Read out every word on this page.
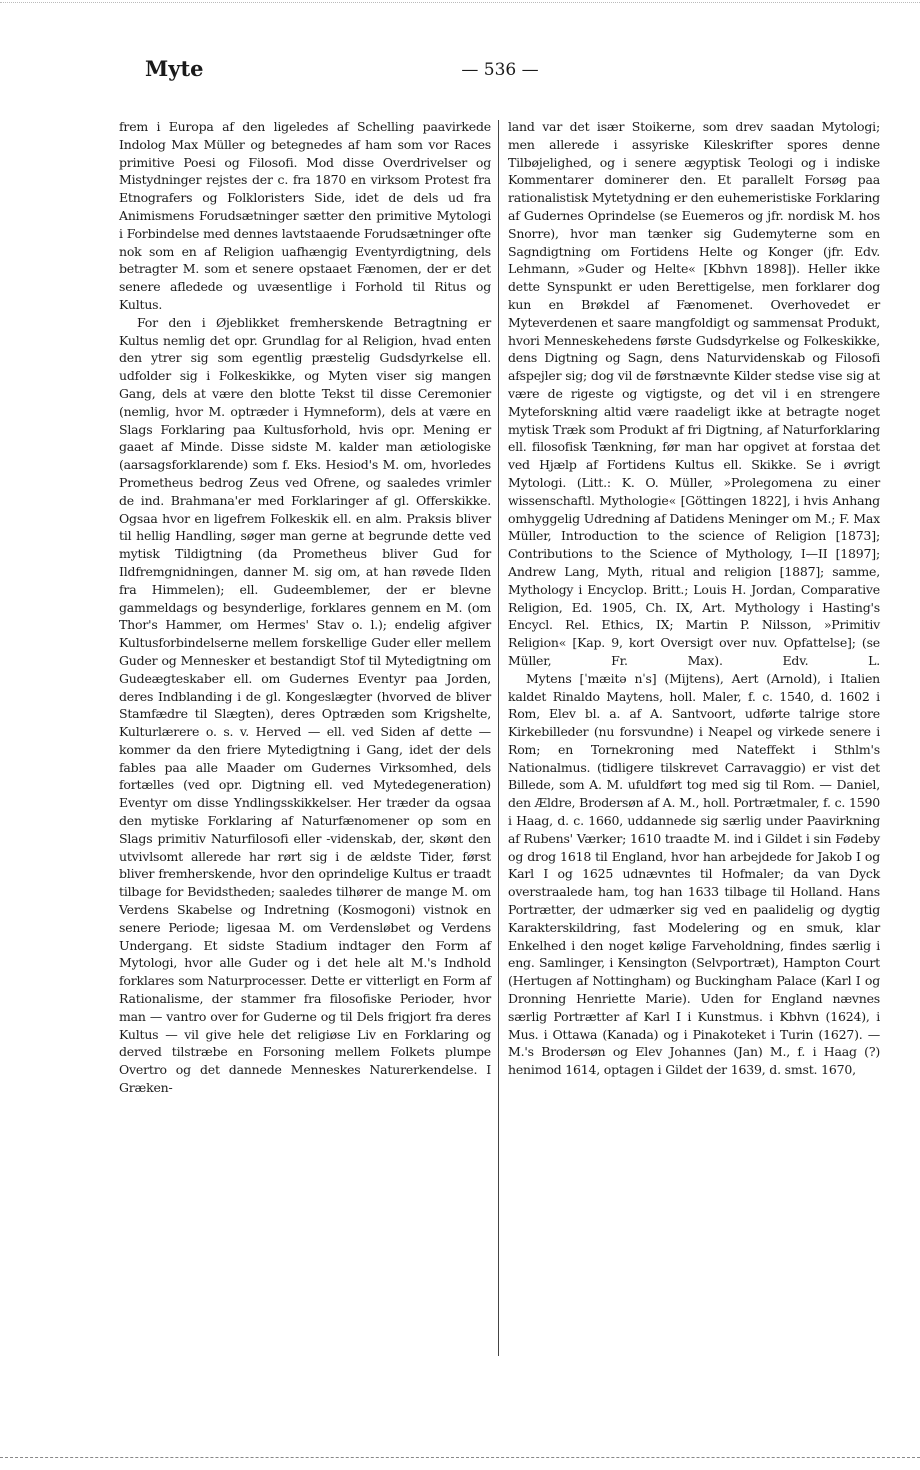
Myte	— 536 —

frem i Europa af den ligeledes af Schelling paavirkede Indolog Max Müller og betegnedes af ham som vor Races primitive Poesi og Filosofi. Mod disse Overdrivelser og Mistydninger rejstes der c. fra 1870 en virksom Protest fra Etnografers og Folkloristers Side, idet de dels ud fra Animismens Forudsætninger sætter den primitive Mytologi i Forbindelse med dennes lavtstaaende Forudsætninger ofte nok som en af Religion uafhængig Eventyrdigtning, dels betragter M. som et senere opstaaet Fænomen, der er det senere afledede og uvæsentlige i Forhold til Ritus og Kultus.

For den i Øjeblikket fremherskende Betragtning er Kultus nemlig det opr. Grundlag for al Religion, hvad enten den ytrer sig som egentlig præstelig Gudsdyrkelse ell. udfolder sig i Folkeskikke, og Myten viser sig mangen Gang, dels at være den blotte Tekst til disse Ceremonier (nemlig, hvor M. optræder i Hymneform), dels at være en Slags Forklaring paa Kultusforhold, hvis opr. Mening er gaaet af Minde. Disse sidste M. kalder man ætiologiske (aarsagsforklarende) som f. Eks. Hesiod's M. om, hvorledes Prometheus bedrog Zeus ved Ofrene, og saaledes vrimler de ind. Brahmana'er med Forklaringer af gl. Offerskikke. Ogsaa hvor en ligefrem Folkeskik ell. en alm. Praksis bliver til hellig Handling, søger man gerne at begrunde dette ved mytisk Tildigtning (da Prometheus bliver Gud for Ildfremgnidningen, danner M. sig om, at han røvede Ilden fra Himmelen); ell. Gudeemblemer, der er blevne gammeldags og besynderlige, forklares gennem en M. (om Thor's Hammer, om Hermes' Stav o. l.); endelig afgiver Kultusforbindelserne mellem forskellige Guder eller mellem Guder og Mennesker et bestandigt Stof til Mytedigtning om Gudeægteskaber ell. om Gudernes Eventyr paa Jorden, deres Indblanding i de gl. Kongeslægter (hvorved de bliver Stamfædre til Slægten), deres Optræden som Krigshelte, Kulturlærere o. s. v. Herved — ell. ved Siden af dette — kommer da den friere Mytedigtning i Gang, idet der dels fables paa alle Maader om Gudernes Virksomhed, dels fortælles (ved opr. Digtning ell. ved Mytedegeneration) Eventyr om disse Yndlingsskikkelser. Her træder da ogsaa den mytiske Forklaring af Naturfænomener op som en Slags primitiv Naturfilosofi eller -videnskab, der, skønt den utvivlsomt allerede har rørt sig i de ældste Tider, først bliver fremherskende, hvor den oprindelige Kultus er traadt tilbage for Bevidstheden; saaledes tilhører de mange M. om Verdens Skabelse og Indretning (Kosmogoni) vistnok en senere Periode; ligesaa M. om Verdensløbet og Verdens Undergang. Et sidste Stadium indtager den Form af Mytologi, hvor alle Guder og i det hele alt M.'s Indhold forklares som Naturprocesser. Dette er vitterligt en Form af Rationalisme, der stammer fra filosofiske Perioder, hvor man — vantro over for Guderne og til Dels frigjort fra deres Kultus — vil give hele det religiøse Liv en Forklaring og derved tilstræbe en Forsoning mellem Folkets plumpe Overtro og det dannede Menneskes Naturerkendelse. I Græken-

land var det især Stoikerne, som drev saadan Mytologi; men allerede i assyriske Kileskrifter spores denne Tilbøjelighed, og i senere ægyptisk Teologi og i indiske Kommentarer dominerer den. Et parallelt Forsøg paa rationalistisk Mytetydning er den euhemeristiske Forklaring af Gudernes Oprindelse (se Euemeros og jfr. nordisk M. hos Snorre), hvor man tænker sig Gudemyterne som en Sagndigtning om Fortidens Helte og Konger (jfr. Edv. Lehmann, »Guder og Helte« [Kbhvn 1898]). Heller ikke dette Synspunkt er uden Berettigelse, men forklarer dog kun en Brøkdel af Fænomenet. Overhovedet er Myteverdenen et saare mangfoldigt og sammensat Produkt, hvori Menneskehedens første Gudsdyrkelse og Folkeskikke, dens Digtning og Sagn, dens Naturvidenskab og Filosofi afspejler sig; dog vil de førstnævnte Kilder stedse vise sig at være de rigeste og vigtigste, og det vil i en strengere Myteforskning altid være raadeligt ikke at betragte noget mytisk Træk som Produkt af fri Digtning, af Naturforklaring ell. filosofisk Tænkning, før man har opgivet at forstaa det ved Hjælp af Fortidens Kultus ell. Skikke. Se i øvrigt Mytologi. (Litt.: K. O. Müller, »Prolegomena zu einer wissenschaftl. Mythologie« [Göttingen 1822], i hvis Anhang omhyggelig Udredning af Datidens Meninger om M.; F. Max Müller, Introduction to the science of Religion [1873]; Contributions to the Science of Mythology, I—II [1897]; Andrew Lang, Myth, ritual and religion [1887]; samme, Mythology i Encyclop. Britt.; Louis H. Jordan, Comparative Religion, Ed. 1905, Ch. IX, Art. Mythology i Hasting's Encycl. Rel. Ethics, IX; Martin P. Nilsson, »Primitiv Religion« [Kap. 9, kort Oversigt over nuv. Opfattelse]; (se Müller, Fr. Max). Edv. L.

Mytens [ˈmæitə nˈs] (Mijtens), Aert (Arnold), i Italien kaldet Rinaldo Maytens, holl. Maler, f. c. 1540, d. 1602 i Rom, Elev bl. a. af A. Santvoort, udførte talrige store Kirkebilleder (nu forsvundne) i Neapel og virkede senere i Rom; en Tornekroning med Nateffekt i Sthlm's Nationalmus. (tidligere tilskrevet Carravaggio) er vist det Billede, som A. M. ufuldført tog med sig til Rom. — Daniel, den Ældre, Brodersøn af A. M., holl. Portrætmaler, f. c. 1590 i Haag, d. c. 1660, uddannede sig særlig under Paavirkning af Rubens' Værker; 1610 traadte M. ind i Gildet i sin Fødeby og drog 1618 til England, hvor han arbejdede for Jakob I og Karl I og 1625 udnævntes til Hofmaler; da van Dyck overstraalede ham, tog han 1633 tilbage til Holland. Hans Portrætter, der udmærker sig ved en paalidelig og dygtig Karakterskildring, fast Modelering og en smuk, klar Enkelhed i den noget kølige Farveholdning, findes særlig i eng. Samlinger, i Kensington (Selvportræt), Hampton Court (Hertugen af Nottingham) og Buckingham Palace (Karl I og Dronning Henriette Marie). Uden for England nævnes særlig Portrætter af Karl I i Kunstmus. i Kbhvn (1624), i Mus. i Ottawa (Kanada) og i Pinakoteket i Turin (1627). — M.'s Brodersøn og Elev Johannes (Jan) M., f. i Haag (?) henimod 1614, optagen i Gildet der 1639, d. smst. 1670,
